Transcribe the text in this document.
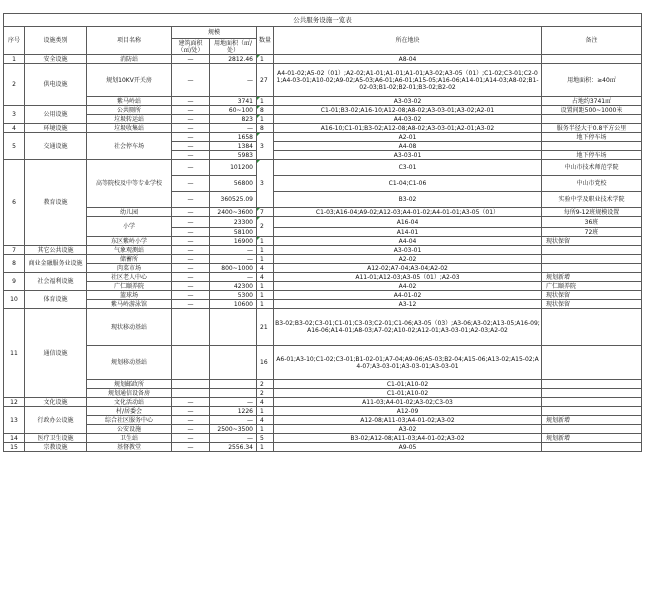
公共服务设施一览表							
序号	设施类别	项目名称	规模		数量	所在地块	备注
			建筑面积（㎡/处）	用地面积（㎡/处）			
1	安全设施	消防站	—	2812.46	1	A8-04	
2	供电设施	规划10KV开关房	—	—	27	A4-01-02;A5-02（01）;A2-02;A1-01;A1-01;A1-01;A3-02;A3-05（01）;C1-02;C3-01;C2-01;A4-03-01;A10-02;A9-02;A5-03;A6-01;A6-01;A15-05;A16-06;A14-01;A14-03;A8-02;B1-02-03;B1-02;B2-01;B3-02;B2-02	用地面积：≥40㎡
		紫马岭站	—	3741	1	A3-03-02	占地约3741㎡
3	公用设施	公共厕所	—	60~100	8	C1-01;B3-02;A16-10;A12-08;A8-02;A3-03-01;A3-02;A2-01	设置间距500~1000米
		垃圾转运站	—	823	1	A4-03-02	
4	环境设施	垃圾收集站	—	—	8	A16-10;C1-01;B3-02;A12-08;A8-02;A3-03-01;A2-01;A3-02	服务半径大于0.8平方公里
5	交通设施	社会停车场	—	1658	3	A2-01	地下停车场
			—	1384		A4-08	
			—	5983		A3-03-01	地下停车场
6	教育设施	高等院校及中等专业学校	—	101200	3	C3-01	中山市技术师范学院
			—	56800		C1-04;C1-06	中山市党校
			—	360525.09		B3-02	实验中学及职业技术学院
		幼儿园	—	2400~3600	7	C1-03;A16-04;A9-02;A12-03;A4-01-02;A4-01-01;A3-05（01）	每所9-12班规模设置
		小学	—	23300	2	A16-04	36班
			—	58100		A14-01	72班
		东区紫岭小学	—	16900	1	A4-04	现状保留
7	其它公共设施	气象观测站	—	—	1	A3-03-01	
8	商业金融服务业设施	储蓄所	—	—	1	A2-02	
		肉菜市场	—	800~1000	4	A12-02;A7-04;A3-04;A2-02	
9	社会福利设施	社区老人中心	—	—	4	A11-01;A12-03;A3-05（01）;A2-03	规划新增
		广仁颐养院	—	42300	1	A4-02	广仁颐养院
10	体育设施	篮球场	—	5300	1	A4-01-02	现状保留
		紫马岭游泳馆	—	10600	1	A3-12	现状保留
11	通信设施	现状移动基站			21	B3-02;B3-02;C3-01;C1-01;C3-03;C2-01;C1-06;A3-05（03）;A3-06;A3-02;A13-05;A16-09;A16-06;A14-01;A8-03;A7-02;A10-02;A12-01;A3-03-01;A2-03;A2-02	
		规划移动基站			16	A6-01;A3-10;C1-02;C3-01;B1-02-01;A7-04;A9-06;A5-03;B2-04;A15-06;A13-02;A15-02;A4-07;A3-03-01;A3-03-01;A3-03-01	
		规划邮政所			2	C1-01;A10-02	
		规划通信设备房			2	C1-01;A10-02	
12	文化设施	文化活动站	—	—	4	A11-03;A4-01-02;A3-02;C3-03	
13	行政办公设施	村/居委会	—	1226	1	A12-09	
		综合社区服务中心	—	—	4	A12-08;A11-03;A4-01-02;A3-02	规划新增
		公安设施	—	2500~3500	1	A3-02	
14	医疗卫生设施	卫生站	—	—	5	B3-02;A12-08;A11-03;A4-01-02;A3-02	规划新增
15	宗教设施	基督教堂	—	2556.34	1	A9-05	
